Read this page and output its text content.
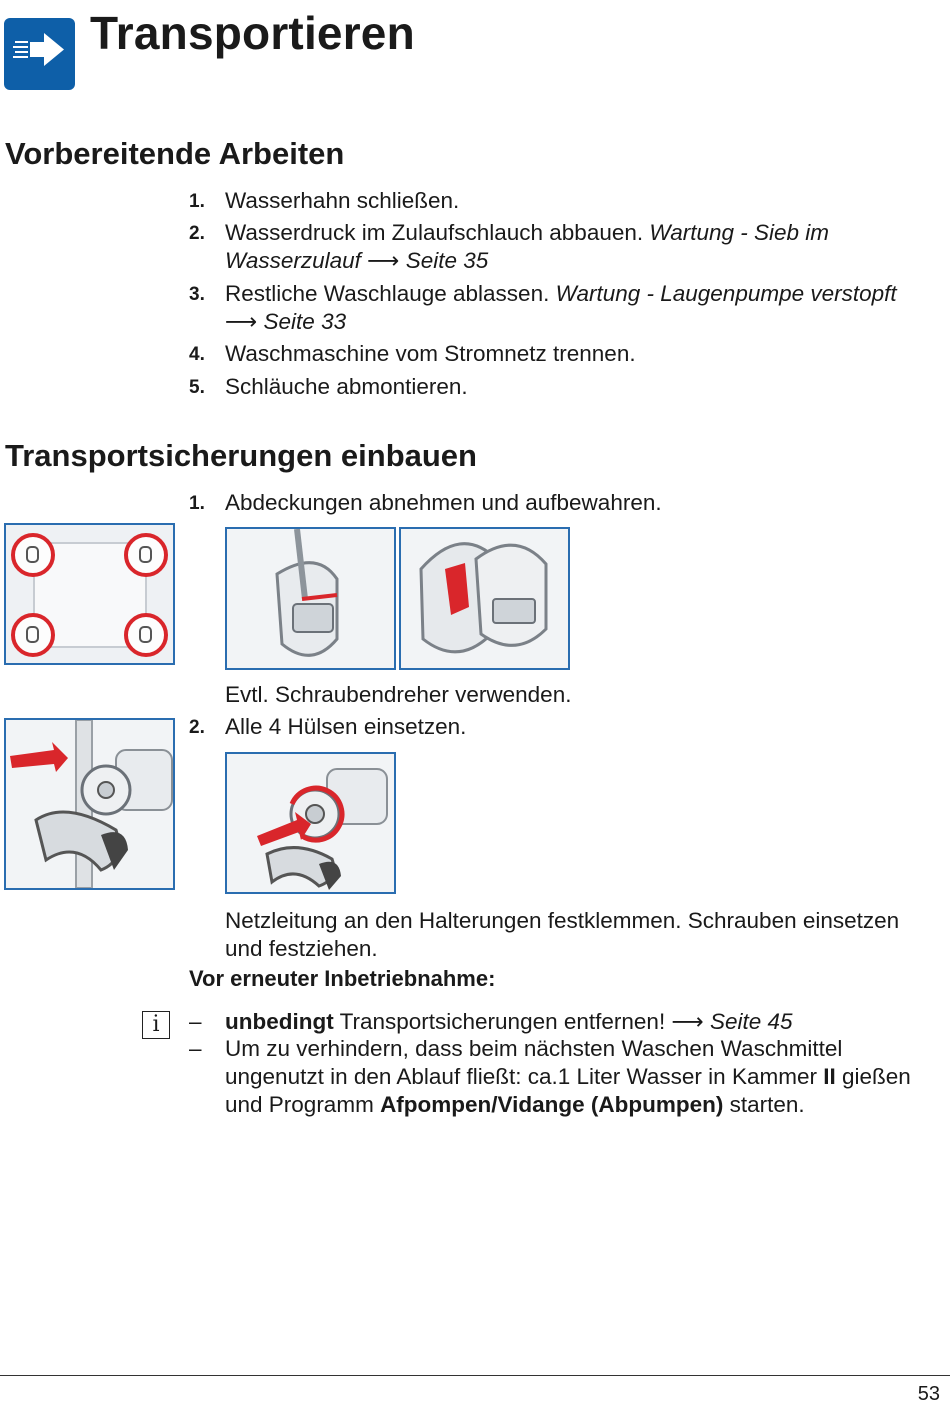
Transportieren
Vorbereitende Arbeiten
1. Wasserhahn schließen.
2. Wasserdruck im Zulaufschlauch abbauen. Wartung - Sieb im Wasserzulauf ⟶ Seite 35
3. Restliche Waschlauge ablassen. Wartung - Laugenpumpe verstopft ⟶ Seite 33
4. Waschmaschine vom Stromnetz trennen.
5. Schläuche abmontieren.
Transportsicherungen einbauen
1. Abdeckungen abnehmen und aufbewahren.
Evtl. Schraubendreher verwenden.
2. Alle 4 Hülsen einsetzen.
Netzleitung an den Halterungen festklemmen. Schrauben einsetzen und festziehen.
Vor erneuter Inbetriebnahme:
i	– unbedingt Transportsicherungen entfernen! ⟶ Seite 45
– Um zu verhindern, dass beim nächsten Waschen Waschmittel ungenutzt in den Ablauf fließt: ca.1 Liter Wasser in Kammer II gießen und Programm Afpompen/Vidange (Abpumpen) starten.
53
